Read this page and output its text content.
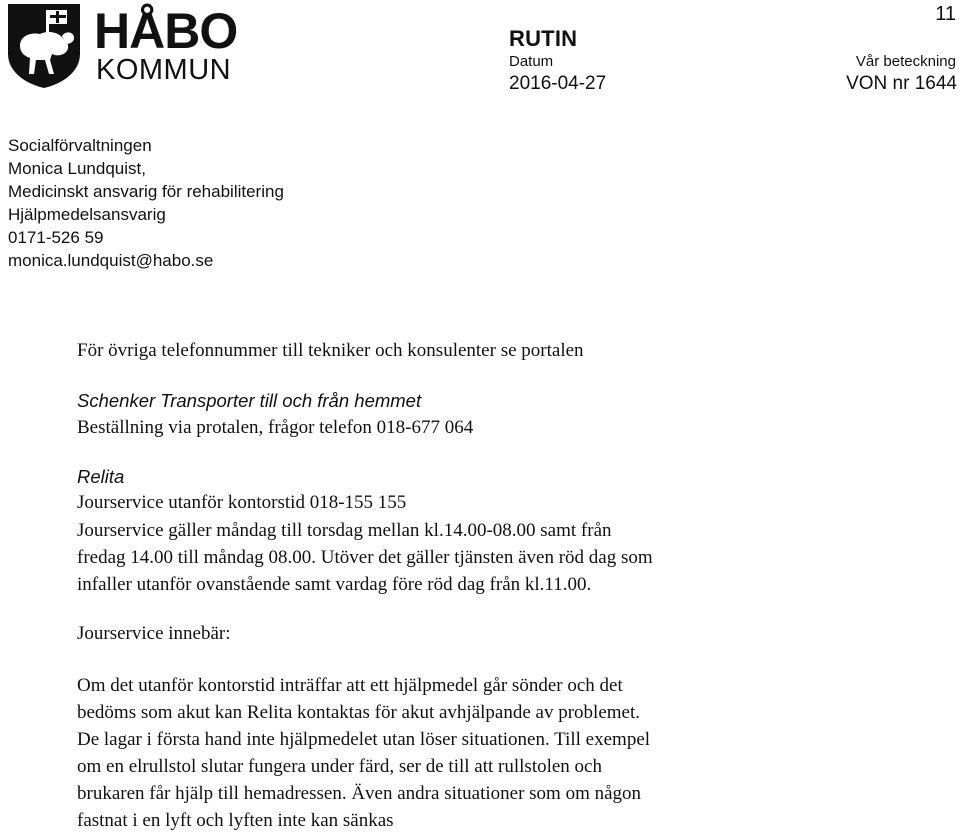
HÅBO
KOMMUN
11
RUTIN
Datum	Vår beteckning
2016-04-27	VON nr 1644
Socialförvaltningen
Monica Lundquist,
Medicinskt ansvarig för rehabilitering
Hjälpmedelsansvarig
0171-526 59
monica.lundquist@habo.se
För övriga telefonnummer till tekniker och konsulenter se portalen
Schenker Transporter till och från hemmet
Beställning via protalen, frågor telefon 018-677 064
Relita
Jourservice utanför kontorstid 018-155 155
Jourservice gäller måndag till torsdag mellan kl.14.00-08.00 samt från
fredag 14.00 till måndag 08.00. Utöver det gäller tjänsten även röd dag som
infaller utanför ovanstående samt vardag före röd dag från kl.11.00.
Jourservice innebär:
Om det utanför kontorstid inträffar att ett hjälpmedel går sönder och det
bedöms som akut kan Relita kontaktas för akut avhjälpande av problemet.
De lagar i första hand inte hjälpmedelet utan löser situationen. Till exempel
om en elrullstol slutar fungera under färd, ser de till att rullstolen och
brukaren får hjälp till hemadressen. Även andra situationer som om någon
fastnat i en lyft och lyften inte kan sänkas
